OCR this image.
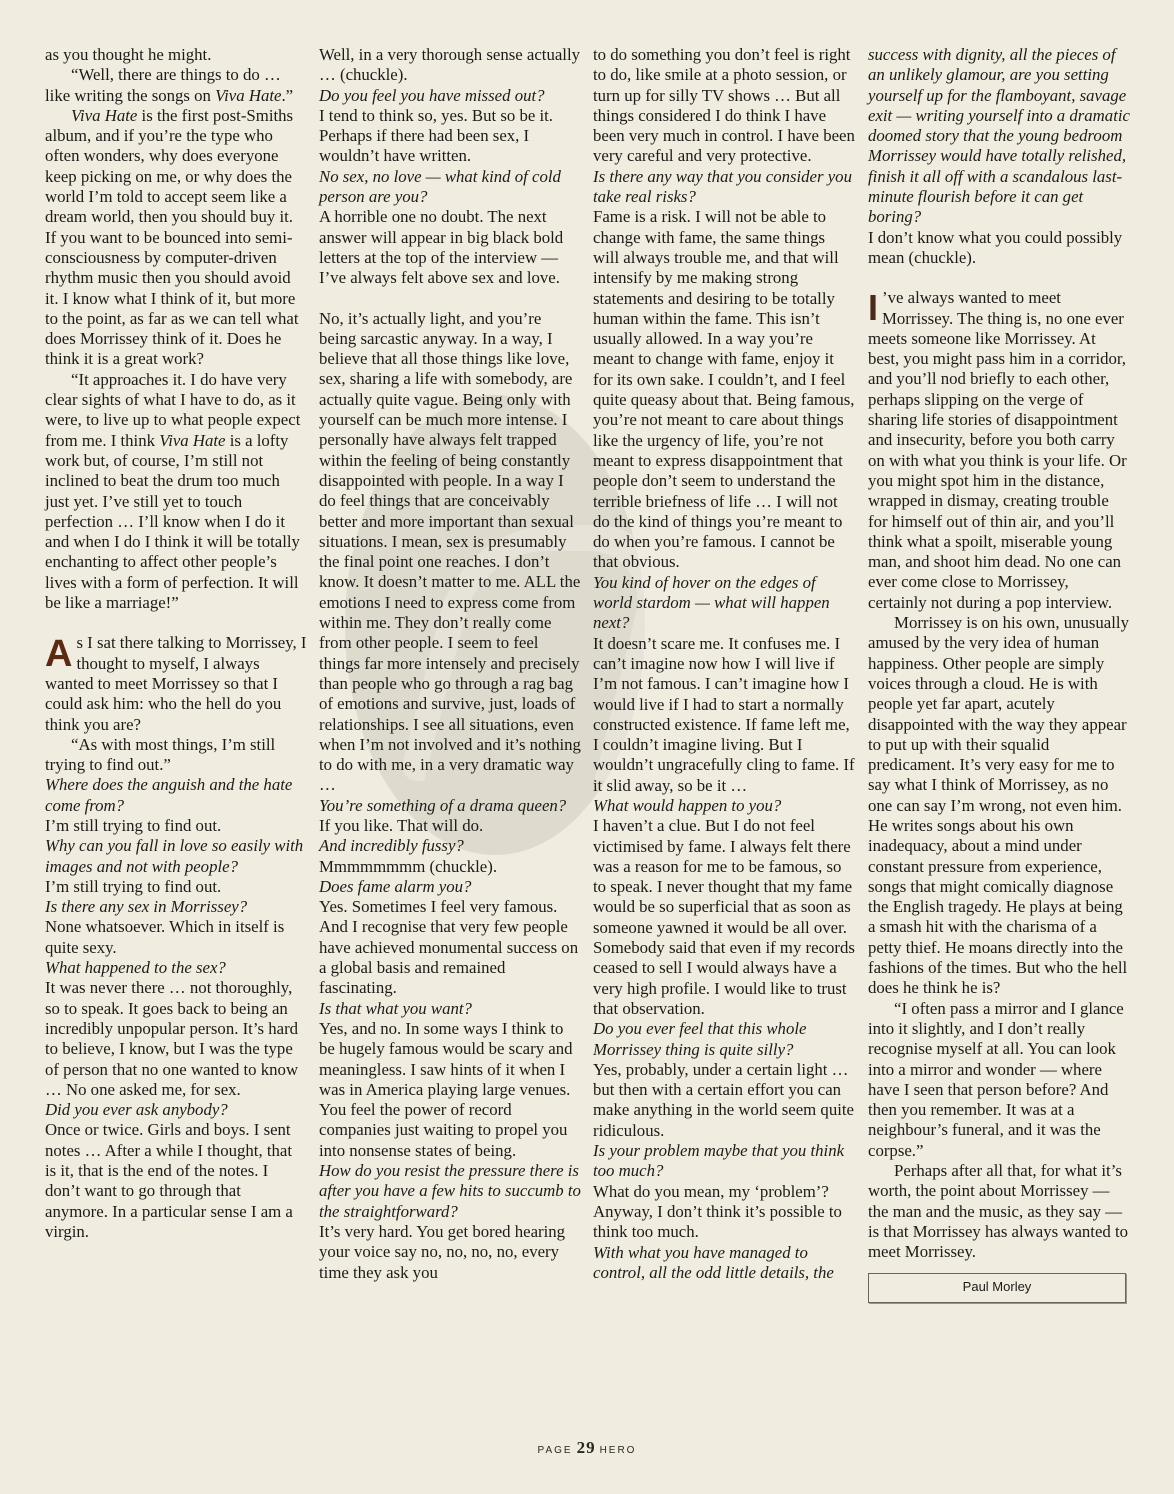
as you thought he might.

“Well, there are things to do … like writing the songs on Viva Hate.”

Viva Hate is the first post-Smiths album, and if you’re the type who often wonders, why does everyone keep picking on me, or why does the world I’m told to accept seem like a dream world, then you should buy it. If you want to be bounced into semi-consciousness by computer-driven rhythm music then you should avoid it. I know what I think of it, but more to the point, as far as we can tell what does Morrissey think of it. Does he think it is a great work?

“It approaches it. I do have very clear sights of what I have to do, as it were, to live up to what people expect from me. I think Viva Hate is a lofty work but, of course, I’m still not inclined to beat the drum too much just yet. I’ve still yet to touch perfection … I’ll know when I do it and when I do I think it will be totally enchanting to affect other people’s lives with a form of perfection. It will be like a marriage!”

As I sat there talking to Morrissey, I thought to myself, I always wanted to meet Morrissey so that I could ask him: who the hell do you think you are?

“As with most things, I’m still trying to find out.”

Where does the anguish and the hate come from?

I’m still trying to find out.

Why can you fall in love so easily with images and not with people?

I’m still trying to find out.

Is there any sex in Morrissey?

None whatsoever. Which in itself is quite sexy.

What happened to the sex?

It was never there … not thoroughly, so to speak. It goes back to being an incredibly unpopular person. It’s hard to believe, I know, but I was the type of person that no one wanted to know … No one asked me, for sex.

Did you ever ask anybody?

Once or twice. Girls and boys. I sent notes … After a while I thought, that is it, that is the end of the notes. I don’t want to go through that anymore. In a particular sense I am a virgin.

Well, in a very thorough sense actually … (chuckle).

Do you feel you have missed out?

I tend to think so, yes. But so be it. Perhaps if there had been sex, I wouldn’t have written.

No sex, no love — what kind of cold person are you?

A horrible one no doubt. The next answer will appear in big black bold letters at the top of the interview — I’ve always felt above sex and love.

No, it’s actually light, and you’re being sarcastic anyway. In a way, I believe that all those things like love, sex, sharing a life with somebody, are actually quite vague. Being only with yourself can be much more intense. I personally have always felt trapped within the feeling of being constantly disappointed with people. In a way I do feel things that are conceivably better and more important than sexual situations. I mean, sex is presumably the final point one reaches. I don’t know. It doesn’t matter to me. ALL the emotions I need to express come from within me. They don’t really come from other people. I seem to feel things far more intensely and precisely than people who go through a rag bag of emotions and survive, just, loads of relationships. I see all situations, even when I’m not involved and it’s nothing to do with me, in a very dramatic way …

You’re something of a drama queen?

If you like. That will do.

And incredibly fussy?

Mmmmmmmm (chuckle).

Does fame alarm you?

Yes. Sometimes I feel very famous. And I recognise that very few people have achieved monumental success on a global basis and remained fascinating.

Is that what you want?

Yes, and no. In some ways I think to be hugely famous would be scary and meaningless. I saw hints of it when I was in America playing large venues. You feel the power of record companies just waiting to propel you into nonsense states of being.

How do you resist the pressure there is after you have a few hits to succumb to the straightforward?

It’s very hard. You get bored hearing your voice say no, no, no, no, every time they ask you

to do something you don’t feel is right to do, like smile at a photo session, or turn up for silly TV shows … But all things considered I do think I have been very much in control. I have been very careful and very protective.

Is there any way that you consider you take real risks?

Fame is a risk. I will not be able to change with fame, the same things will always trouble me, and that will intensify by me making strong statements and desiring to be totally human within the fame. This isn’t usually allowed. In a way you’re meant to change with fame, enjoy it for its own sake. I couldn’t, and I feel quite queasy about that. Being famous, you’re not meant to care about things like the urgency of life, you’re not meant to express disappointment that people don’t seem to understand the terrible briefness of life … I will not do the kind of things you’re meant to do when you’re famous. I cannot be that obvious.

You kind of hover on the edges of world stardom — what will happen next?

It doesn’t scare me. It confuses me. I can’t imagine now how I will live if I’m not famous. I can’t imagine how I would live if I had to start a normally constructed existence. If fame left me, I couldn’t imagine living. But I wouldn’t ungracefully cling to fame. If it slid away, so be it …

What would happen to you?

I haven’t a clue. But I do not feel victimised by fame. I always felt there was a reason for me to be famous, so to speak. I never thought that my fame would be so superficial that as soon as someone yawned it would be all over. Somebody said that even if my records ceased to sell I would always have a very high profile. I would like to trust that observation.

Do you ever feel that this whole Morrissey thing is quite silly?

Yes, probably, under a certain light … but then with a certain effort you can make anything in the world seem quite ridiculous.

Is your problem maybe that you think too much?

What do you mean, my ‘problem’? Anyway, I don’t think it’s possible to think too much.

With what you have managed to control, all the odd little details, the

success with dignity, all the pieces of an unlikely glamour, are you setting yourself up for the flamboyant, savage exit — writing yourself into a dramatic doomed story that the young bedroom Morrissey would have totally relished, finish it all off with a scandalous last-minute flourish before it can get boring?

I don’t know what you could possibly mean (chuckle).

I ’ve always wanted to meet Morrissey. The thing is, no one ever meets someone like Morrissey. At best, you might pass him in a corridor, and you’ll nod briefly to each other, perhaps slipping on the verge of sharing life stories of disappointment and insecurity, before you both carry on with what you think is your life. Or you might spot him in the distance, wrapped in dismay, creating trouble for himself out of thin air, and you’ll think what a spoilt, miserable young man, and shoot him dead. No one can ever come close to Morrissey, certainly not during a pop interview.

Morrissey is on his own, unusually amused by the very idea of human happiness. Other people are simply voices through a cloud. He is with people yet far apart, acutely disappointed with the way they appear to put up with their squalid predicament. It’s very easy for me to say what I think of Morrissey, as no one can say I’m wrong, not even him. He writes songs about his own inadequacy, about a mind under constant pressure from experience, songs that might comically diagnose the English tragedy. He plays at being a smash hit with the charisma of a petty thief. He moans directly into the fashions of the times. But who the hell does he think he is?

“I often pass a mirror and I glance into it slightly, and I don’t really recognise myself at all. You can look into a mirror and wonder — where have I seen that person before? And then you remember. It was at a neighbour’s funeral, and it was the corpse.”

Perhaps after all that, for what it’s worth, the point about Morrissey — the man and the music, as they say — is that Morrissey has always wanted to meet Morrissey.

Paul Morley
PAGE 29 HERO
